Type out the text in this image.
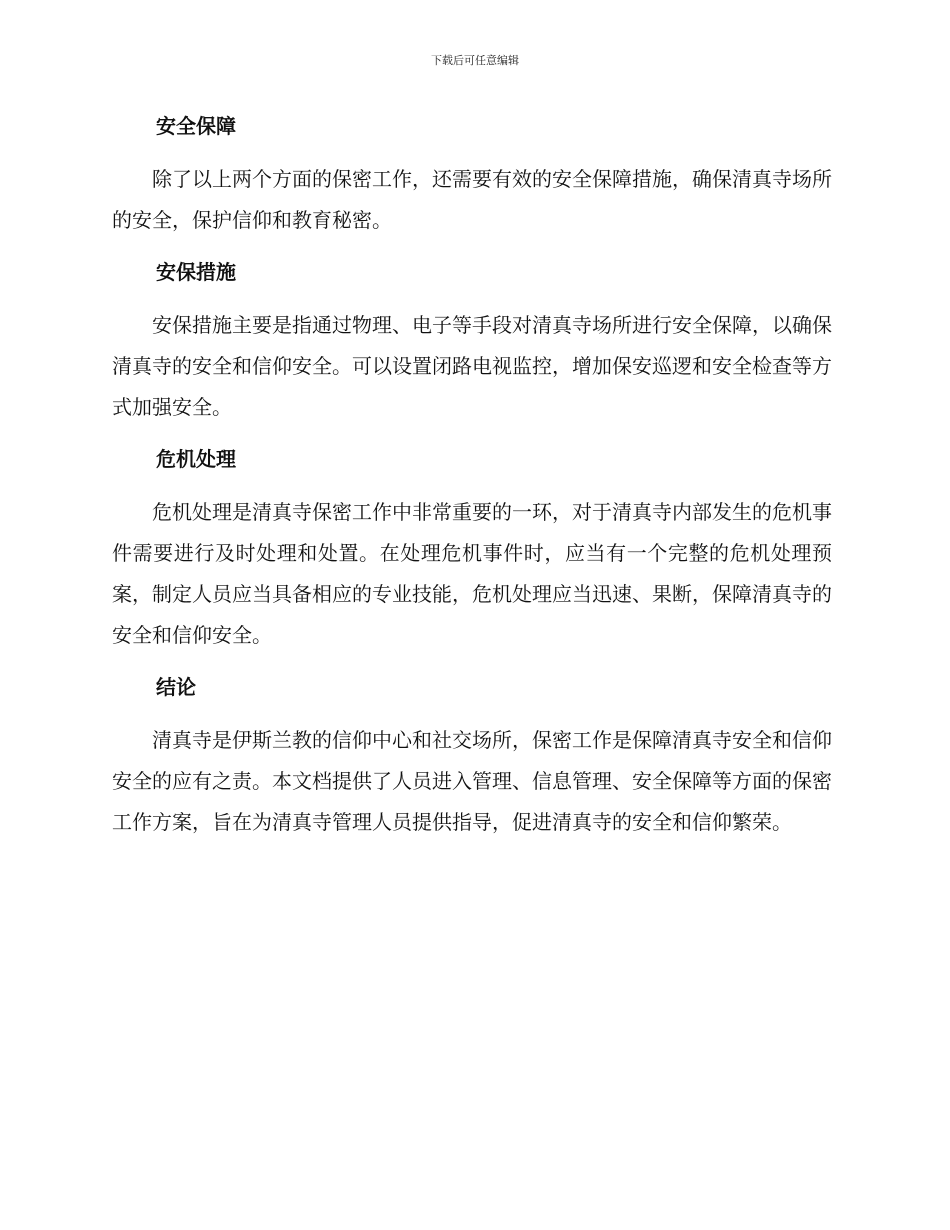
下载后可任意编辑
安全保障

除了以上两个方面的保密工作，还需要有效的安全保障措施，确保清真寺场所的安全，保护信仰和教育秘密。

安保措施

安保措施主要是指通过物理、电子等手段对清真寺场所进行安全保障，以确保清真寺的安全和信仰安全。可以设置闭路电视监控，增加保安巡逻和安全检查等方式加强安全。

危机处理

危机处理是清真寺保密工作中非常重要的一环，对于清真寺内部发生的危机事件需要进行及时处理和处置。在处理危机事件时，应当有一个完整的危机处理预案，制定人员应当具备相应的专业技能，危机处理应当迅速、果断，保障清真寺的安全和信仰安全。

结论

清真寺是伊斯兰教的信仰中心和社交场所，保密工作是保障清真寺安全和信仰安全的应有之责。本文档提供了人员进入管理、信息管理、安全保障等方面的保密工作方案，旨在为清真寺管理人员提供指导，促进清真寺的安全和信仰繁荣。
